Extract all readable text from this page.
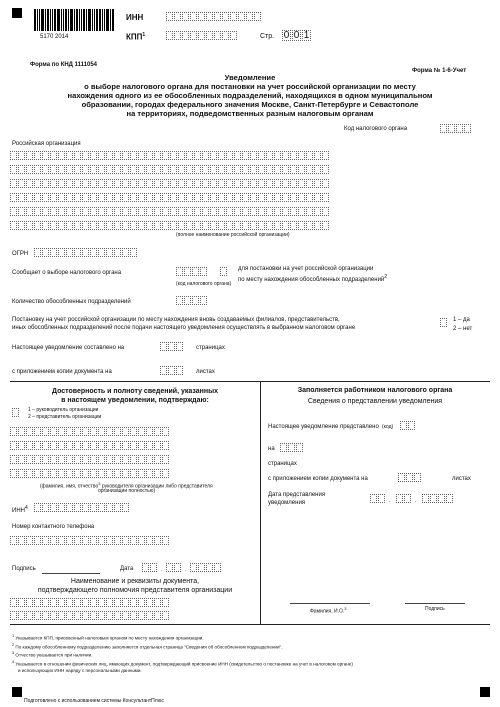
5170 2014
ИНН
КПП$^1$	Стр. 0 0 1
Форма по КНД 1111054
Форма № 1-6-Учет
Уведомление
о выборе налогового органа для постановки на учет российской организации по месту
нахождения одного из ее обособленных подразделений, находящихся в одном муниципальном
образовании, городах федерального значения Москве, Санкт-Петербурге и Севастополе
на территориях, подведомственных разным налоговым органам
Код налогового органа
Российская организация
(полное наименование российской организации)
ОГРН
Сообщает о выборе налогового органа
(код налогового органа)
для постановки на учет российской организации
по месту нахождения обособленных подразделений$^2$
Количество обособленных подразделений
Постановку на учет российской организации по месту нахождения вновь создаваемых филиалов, представительств,
иных обособленных подразделений после подачи настоящего уведомления осуществлять в выбранном налоговом органе
1 – да
2 – нет
Настоящее уведомление составлено на	страницах
с приложением копии документа на	листах
Достоверность и полноту сведений, указанных
в настоящем уведомлении, подтверждаю:
1 – руководитель организации
2 – представитель организации
(фамилия, имя, отчество$^3$ руководителя организации либо представителя
организации полностью)
ИНН$^4$
Номер контактного телефона
Подпись	Дата	.	.
Наименование и реквизиты документа,
подтверждающего полномочия представителя организации
Заполняется работником налогового органа
Сведения о представлении уведомления
Настоящее уведомление представлено (код)
на
страницах
с приложением копии документа на	листах
Дата представления
уведомления	.	.
Фамилия, И.О.$^3$	Подпись
$^1$ Указывается КПП, присвоенный налоговым органом по месту нахождения организации.
$^2$ По каждому обособленному подразделению заполняется отдельная страница "Сведения об обособленном подразделении".
$^3$ Отчество указывается при наличии.
$^4$ Указывается в отношении физических лиц, имеющих документ, подтверждающий присвоение ИНН (свидетельство о постановке на учет в налоговом органе)
и использующих ИНН наряду с персональными данными.
Подготовлено с использованием системы КонсультантПлюс
